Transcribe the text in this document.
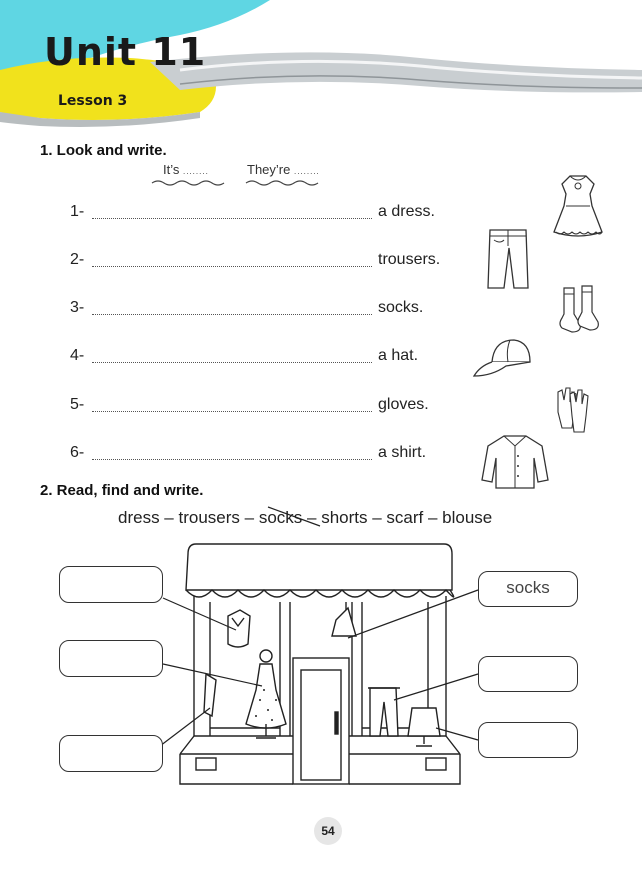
Unit 11
Lesson 3
1. Look and write.
It’s ........	They’re ........
1-	a dress.
2-	trousers.
3-	socks.
4-	a hat.
5-	gloves.
6-	a shirt.
2. Read, find and write.
dress – trousers – socks – shorts – scarf – blouse
socks
54
